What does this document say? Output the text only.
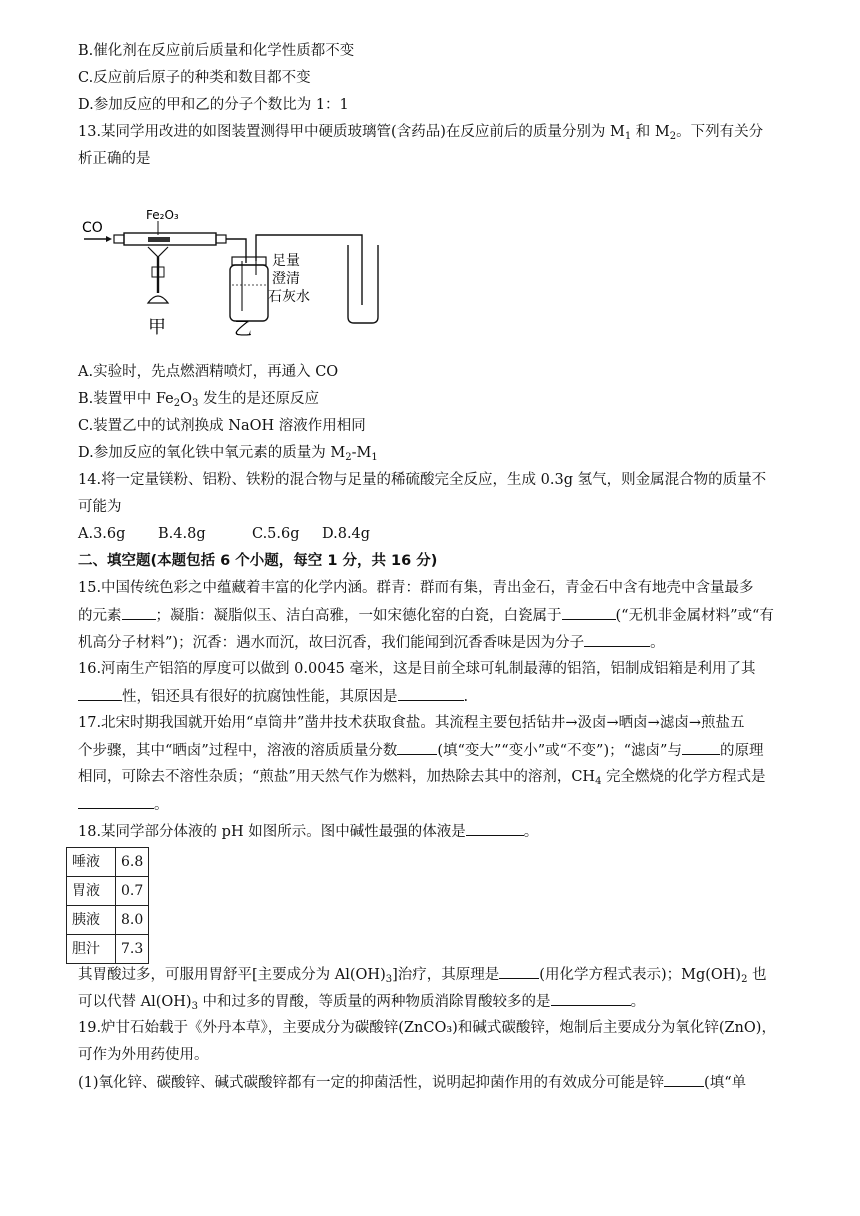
B.催化剂在反应前后质量和化学性质都不变
C.反应前后原子的种类和数目都不变
D.参加反应的甲和乙的分子个数比为 1：1
13.某同学用改进的如图装置测得甲中硬质玻璃管(含药品)在反应前后的质量分别为 $M_1$ 和 $M_2$。下列有关分
析正确的是
CO
Fe₂O₃
甲
足量
澄清
石灰水
乙
A.实验时，先点燃酒精喷灯，再通入 CO
B.装置甲中 $Fe_2O_3$ 发生的是还原反应
C.装置乙中的试剂换成 NaOH 溶液作用相同
D.参加反应的氧化铁中氧元素的质量为 $M_2-M_1$
14.将一定量镁粉、铝粉、铁粉的混合物与足量的稀硫酸完全反应，生成 0.3g 氢气，则金属混合物的质量不
可能为
A.3.6g B.4.8g	C.5.6g D.8.4g
二、填空题(本题包括 6 个小题，每空 1 分，共 16 分)
15.中国传统色彩之中蕴藏着丰富的化学内涵。群青：群而有集，青出金石，青金石中含有地壳中含量最多
的元素 ；凝脂：凝脂似玉、洁白高雅，一如宋德化窑的白瓷，白瓷属于	(“无机非金属材料”或“有
机高分子材料”)；沉香：遇水而沉，故曰沉香，我们能闻到沉香香味是因为分子	。
16.河南生产铝箔的厚度可以做到 0.0045 毫米，这是目前全球可轧制最薄的铝箔，铝制成铝箱是利用了其
性，铝还具有很好的抗腐蚀性能，其原因是	.
17.北宋时期我国就开始用“卓筒井”凿井技术获取食盐。其流程主要包括钻井→汲卤→晒卤→滤卤→煎盐五
个步骤，其中“晒卤”过程中，溶液的溶质质量分数	(填“变大”“变小”或“不变”)；“滤卤”与	的原理
相同，可除去不溶性杂质；“煎盐”用天然气作为燃料，加热除去其中的溶剂，$CH_4$ 完全燃烧的化学方程式是
。
18.某同学部分体液的 pH 如图所示。图中碱性最强的体液是	。
唾液	6.8
胃液	0.7
胰液	8.0
胆汁	7.3
其胃酸过多，可服用胃舒平[主要成分为 $Al(OH)_3$]治疗，其原理是	(用化学方程式表示)；$Mg(OH)_2$ 也
可以代替 $Al(OH)_3$ 中和过多的胃酸，等质量的两种物质消除胃酸较多的是	。
19.炉甘石始载于《外丹本草》，主要成分为碳酸锌(ZnCO₃)和碱式碳酸锌，炮制后主要成分为氧化锌(ZnO)，
可作为外用药使用。
(1)氧化锌、碳酸锌、碱式碳酸锌都有一定的抑菌活性，说明起抑菌作用的有效成分可能是锌	(填“单
